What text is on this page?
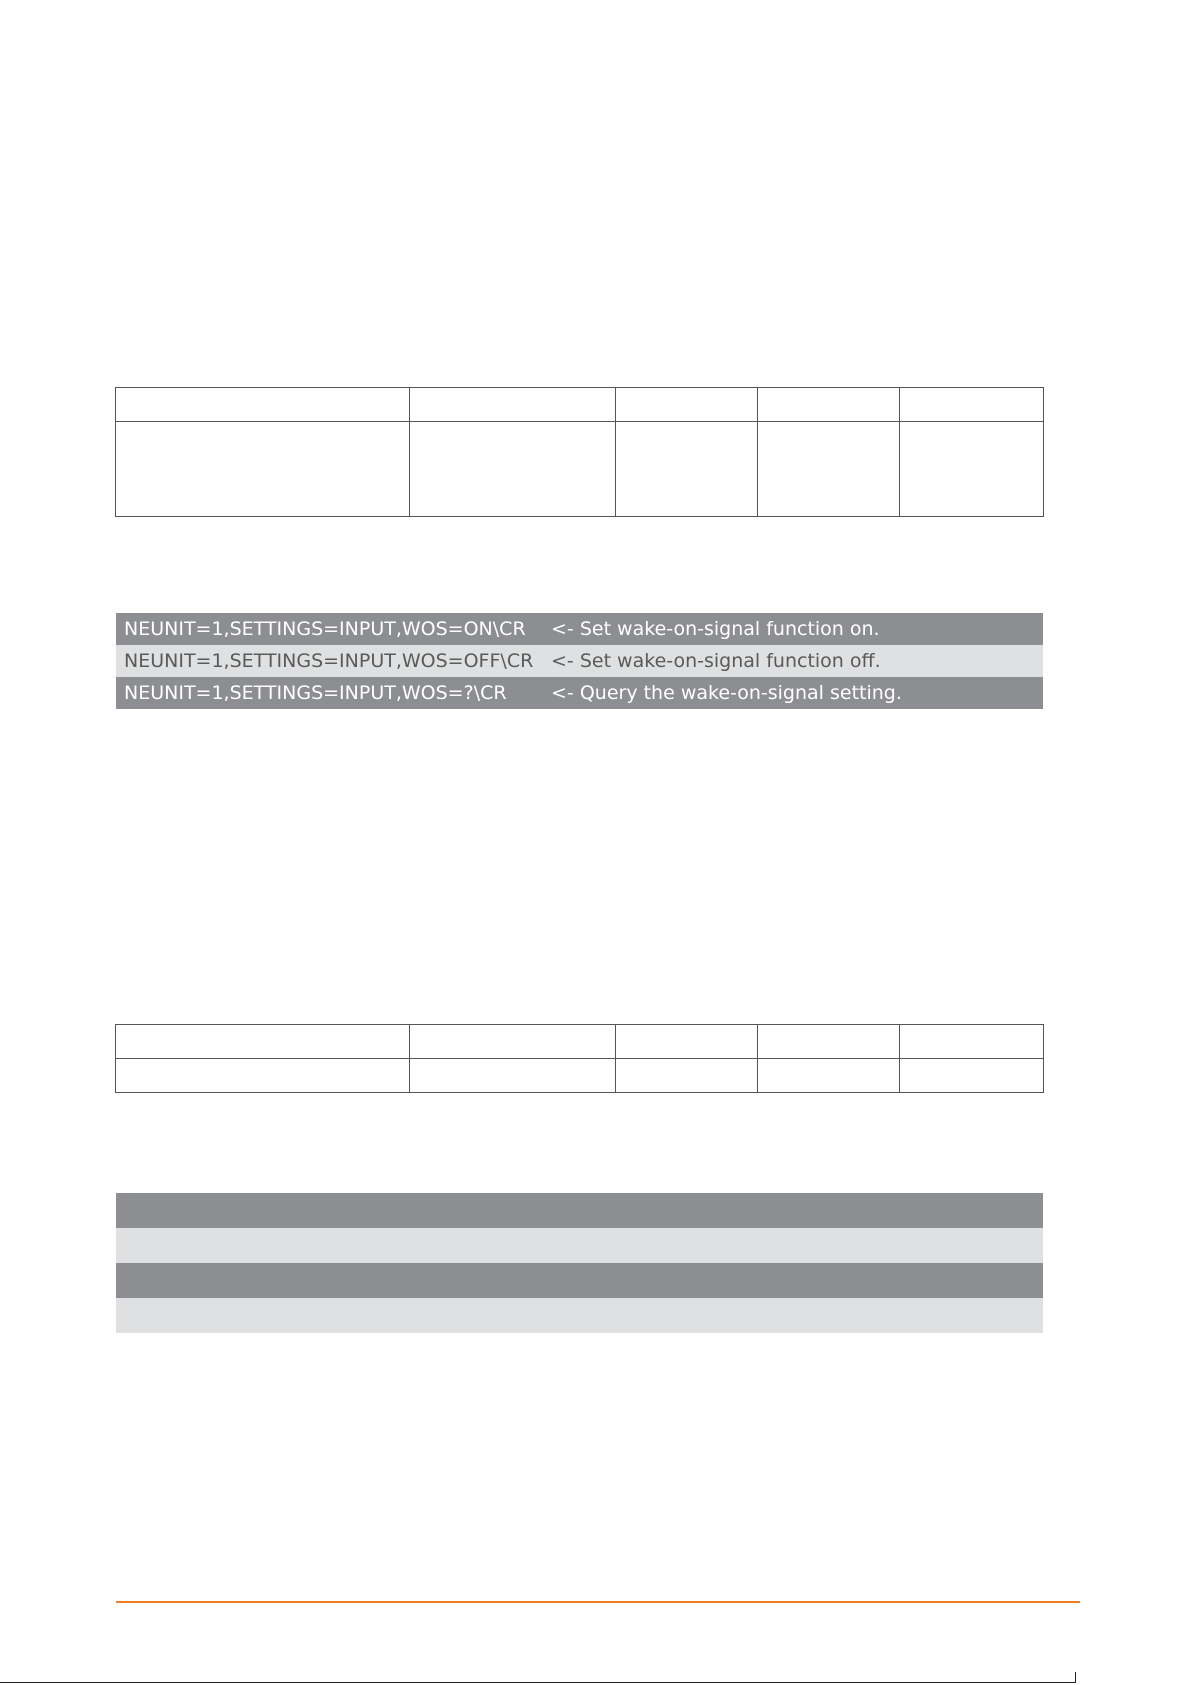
NEUNIT=1,SETTINGS=INPUT,WOS=ON\CR <- Set wake-on-signal function on.
NEUNIT=1,SETTINGS=INPUT,WOS=OFF\CR <- Set wake-on-signal function off.
NEUNIT=1,SETTINGS=INPUT,WOS=?\CR <- Query the wake-on-signal setting.
